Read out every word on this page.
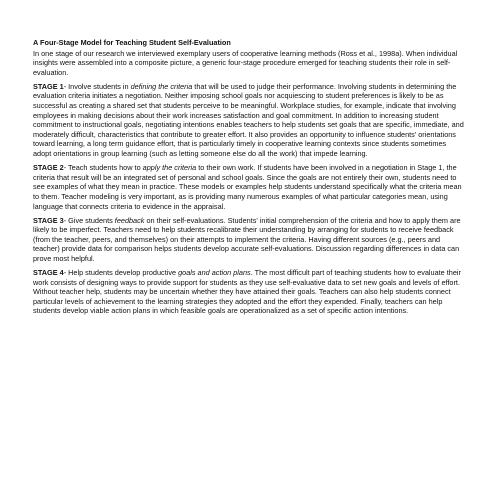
A Four-Stage Model for Teaching Student Self-Evaluation

In one stage of our research we interviewed exemplary users of cooperative learning methods (Ross et al., 1998a). When individual insights were assembled into a composite picture, a generic four-stage procedure emerged for teaching students their role in self-evaluation.

STAGE 1- Involve students in defining the criteria that will be used to judge their performance. Involving students in determining the evaluation criteria initiates a negotiation. Neither imposing school goals nor acquiescing to student preferences is likely to be as successful as creating a shared set that students perceive to be meaningful. Workplace studies, for example, indicate that involving employees in making decisions about their work increases satisfaction and goal commitment. In addition to increasing student commitment to instructional goals, negotiating intentions enables teachers to help students set goals that are specific, immediate, and moderately difficult, characteristics that contribute to greater effort. It also provides an opportunity to influence students' orientations toward learning, a long term guidance effort, that is particularly timely in cooperative learning contexts since students sometimes adopt orientations in group learning (such as letting someone else do all the work) that impede learning.

STAGE 2- Teach students how to apply the criteria to their own work. If students have been involved in a negotiation in Stage 1, the criteria that result will be an integrated set of personal and school goals. Since the goals are not entirely their own, students need to see examples of what they mean in practice. These models or examples help students understand specifically what the criteria mean to them. Teacher modeling is very important, as is providing many numerous examples of what particular categories mean, using language that connects criteria to evidence in the appraisal.

STAGE 3- Give students feedback on their self-evaluations. Students' initial comprehension of the criteria and how to apply them are likely to be imperfect. Teachers need to help students recalibrate their understanding by arranging for students to receive feedback (from the teacher, peers, and themselves) on their attempts to implement the criteria. Having different sources (e.g., peers and teacher) provide data for comparison helps students develop accurate self-evaluations. Discussion regarding differences in data can prove most helpful.

STAGE 4- Help students develop productive goals and action plans. The most difficult part of teaching students how to evaluate their work consists of designing ways to provide support for students as they use self-evaluative data to set new goals and levels of effort. Without teacher help, students may be uncertain whether they have attained their goals. Teachers can also help students connect particular levels of achievement to the learning strategies they adopted and the effort they expended. Finally, teachers can help students develop viable action plans in which feasible goals are operationalized as a set of specific action intentions.
